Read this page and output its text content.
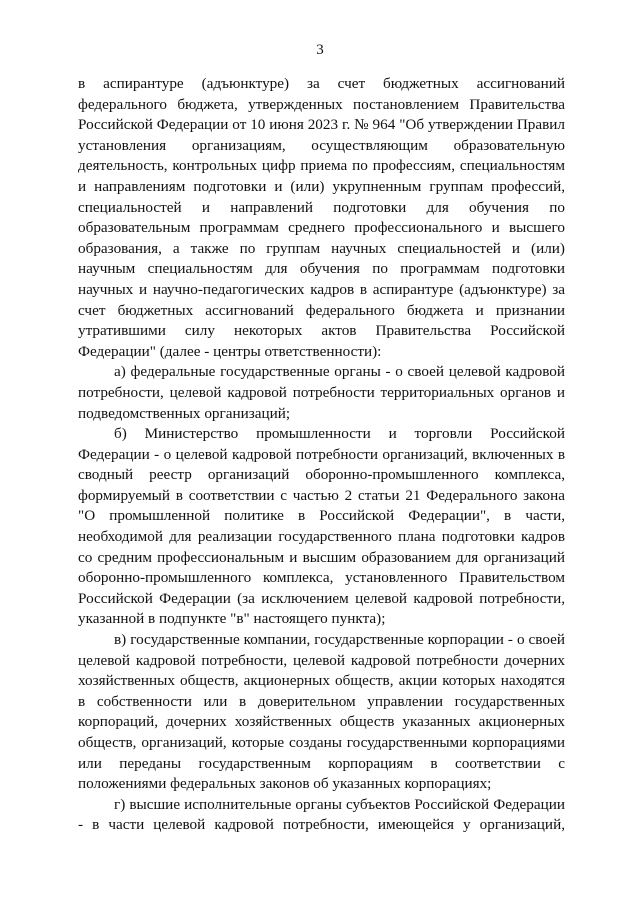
3

в аспирантуре (адъюнктуре) за счет бюджетных ассигнований федерального бюджета, утвержденных постановлением Правительства Российской Федерации от 10 июня 2023 г. № 964 "Об утверждении Правил установления организациям, осуществляющим образовательную деятельность, контрольных цифр приема по профессиям, специальностям и направлениям подготовки и (или) укрупненным группам профессий, специальностей и направлений подготовки для обучения по образовательным программам среднего профессионального и высшего образования, а также по группам научных специальностей и (или) научным специальностям для обучения по программам подготовки научных и научно-педагогических кадров в аспирантуре (адъюнктуре) за счет бюджетных ассигнований федерального бюджета и признании утратившими силу некоторых актов Правительства Российской Федерации" (далее - центры ответственности):

а) федеральные государственные органы - о своей целевой кадровой потребности, целевой кадровой потребности территориальных органов и подведомственных организаций;

б) Министерство промышленности и торговли Российской Федерации - о целевой кадровой потребности организаций, включенных в сводный реестр организаций оборонно-промышленного комплекса, формируемый в соответствии с частью 2 статьи 21 Федерального закона "О промышленной политике в Российской Федерации", в части, необходимой для реализации государственного плана подготовки кадров со средним профессиональным и высшим образованием для организаций оборонно-промышленного комплекса, установленного Правительством Российской Федерации (за исключением целевой кадровой потребности, указанной в подпункте "в" настоящего пункта);

в) государственные компании, государственные корпорации - о своей целевой кадровой потребности, целевой кадровой потребности дочерних хозяйственных обществ, акционерных обществ, акции которых находятся в собственности или в доверительном управлении государственных корпораций, дочерних хозяйственных обществ указанных акционерных обществ, организаций, которые созданы государственными корпорациями или переданы государственным корпорациям в соответствии с положениями федеральных законов об указанных корпорациях;

г) высшие исполнительные органы субъектов Российской Федерации - в части целевой кадровой потребности, имеющейся у организаций,
